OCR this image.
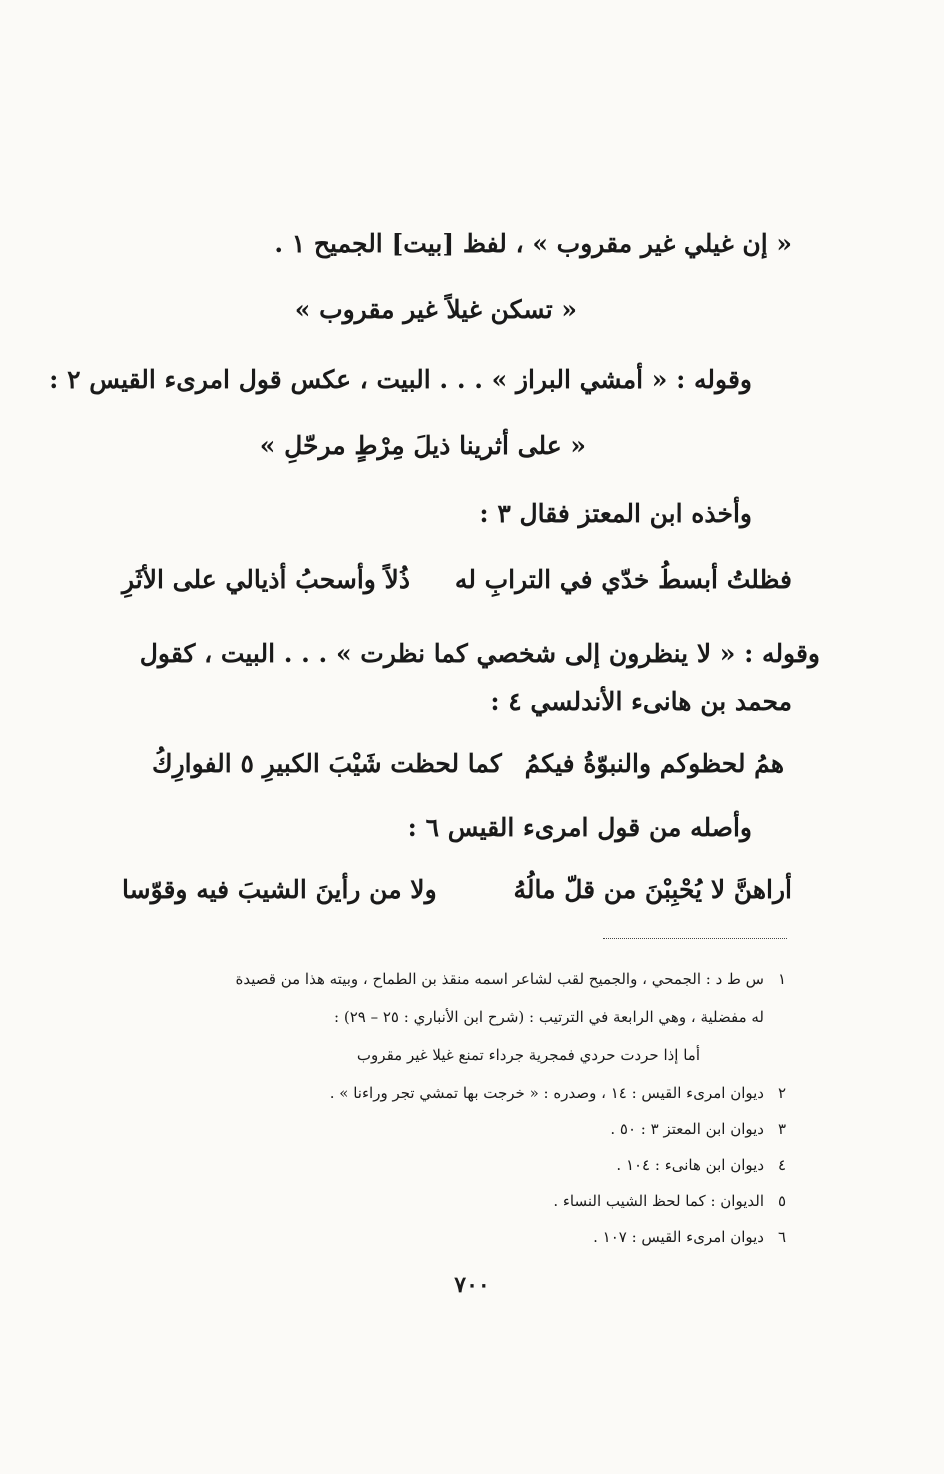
« إن غيلي غير مقروب » ، لفظ [بيت] الجميح ١ .
« تسكن غيلاً غير مقروب »
وقوله : « أمشي البراز » . . . البيت ، عكس قول امرىء القيس ٢ :
« على أثرينا ذيلَ مِرْطٍ مرحّلِ »
وأخذه ابن المعتز فقال ٣ :
فظلتُ أبسطُ خدّي في الترابِ له
ذُلاً وأسحبُ أذيالي على الأثَرِ
وقوله : « لا ينظرون إلى شخصي كما نظرت » . . . البيت ، كقول
محمد بن هانىء الأندلسي ٤ :
همُ لحظوكم والنبوّةُ فيكمُ
كما لحظت شَيْبَ الكبيرِ ٥ الفوارِكُ
وأصله من قول امرىء القيس ٦ :
أراهنَّ لا يُحْبِبْنَ من قلّ مالُهُ
ولا من رأينَ الشيبَ فيه وقوّسا
١س ط د : الجمحي ، والجميح لقب لشاعر اسمه منقذ بن الطماح ، وبيته هذا من قصيدة
له مفضلية ، وهي الرابعة في الترتيب : (شرح ابن الأنباري : ٢٥ – ٢٩) :
أما إذا حردت حردي فمجرية جرداء تمنع غيلا غير مقروب
٢ديوان امرىء القيس : ١٤ ، وصدره : « خرجت بها تمشي تجر وراءنا » .
٣ديوان ابن المعتز ٣ : ٥٠ .
٤ديوان ابن هانىء : ١٠٤ .
٥الديوان : كما لحظ الشيب النساء .
٦ديوان امرىء القيس : ١٠٧ .
٧٠٠
